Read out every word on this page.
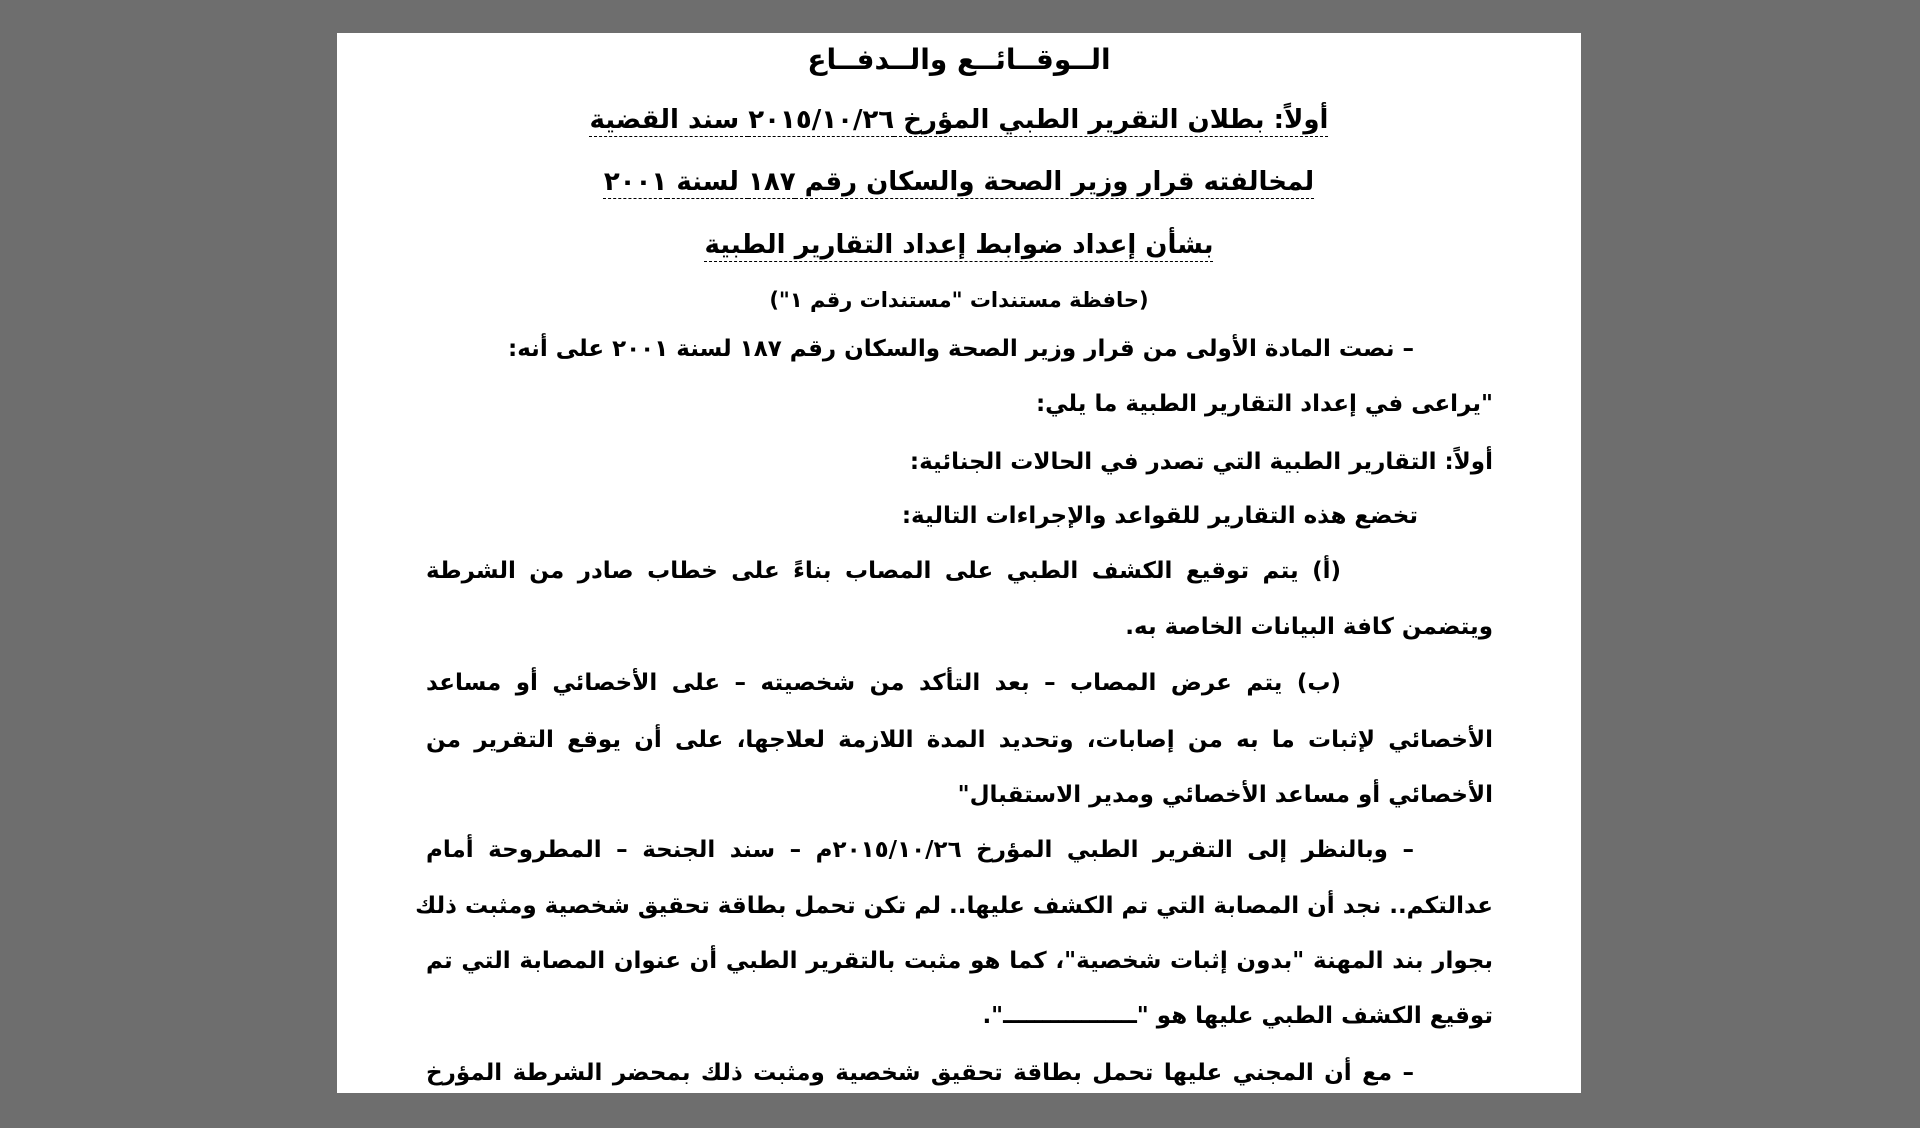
الــوقــائــع والــدفــاع
أولاً: بطلان التقرير الطبي المؤرخ ٢٠١٥/١٠/٢٦ سند القضية
لمخالفته قرار وزير الصحة والسكان رقم ١٨٧ لسنة ٢٠٠١
بشأن إعداد ضوابط إعداد التقارير الطبية
(حافظة مستندات "مستندات رقم ١")
– نصت المادة الأولى من قرار وزير الصحة والسكان رقم ١٨٧ لسنة ٢٠٠١ على أنه:
"يراعى في إعداد التقارير الطبية ما يلي:
أولاً: التقارير الطبية التي تصدر في الحالات الجنائية:
تخضع هذه التقارير للقواعد والإجراءات التالية:
(أ) يتم توقيع الكشف الطبي على المصاب بناءً على خطاب صادر من الشرطة
ويتضمن كافة البيانات الخاصة به.
(ب) يتم عرض المصاب – بعد التأكد من شخصيته – على الأخصائي أو مساعد
الأخصائي لإثبات ما به من إصابات، وتحديد المدة اللازمة لعلاجها، على أن يوقع التقرير من
الأخصائي أو مساعد الأخصائي ومدير الاستقبال"
– وبالنظر إلى التقرير الطبي المؤرخ ٢٠١٥/١٠/٢٦م – سند الجنحة – المطروحة أمام
عدالتكم.. نجد أن المصابة التي تم الكشف عليها.. لم تكن تحمل بطاقة تحقيق شخصية ومثبت ذلك
بجوار بند المهنة "بدون إثبات شخصية"، كما هو مثبت بالتقرير الطبي أن عنوان المصابة التي تم
توقيع الكشف الطبي عليها هو "ـــــــــــــــــ".
– مع أن المجني عليها تحمل بطاقة تحقيق شخصية ومثبت ذلك بمحضر الشرطة المؤرخ
